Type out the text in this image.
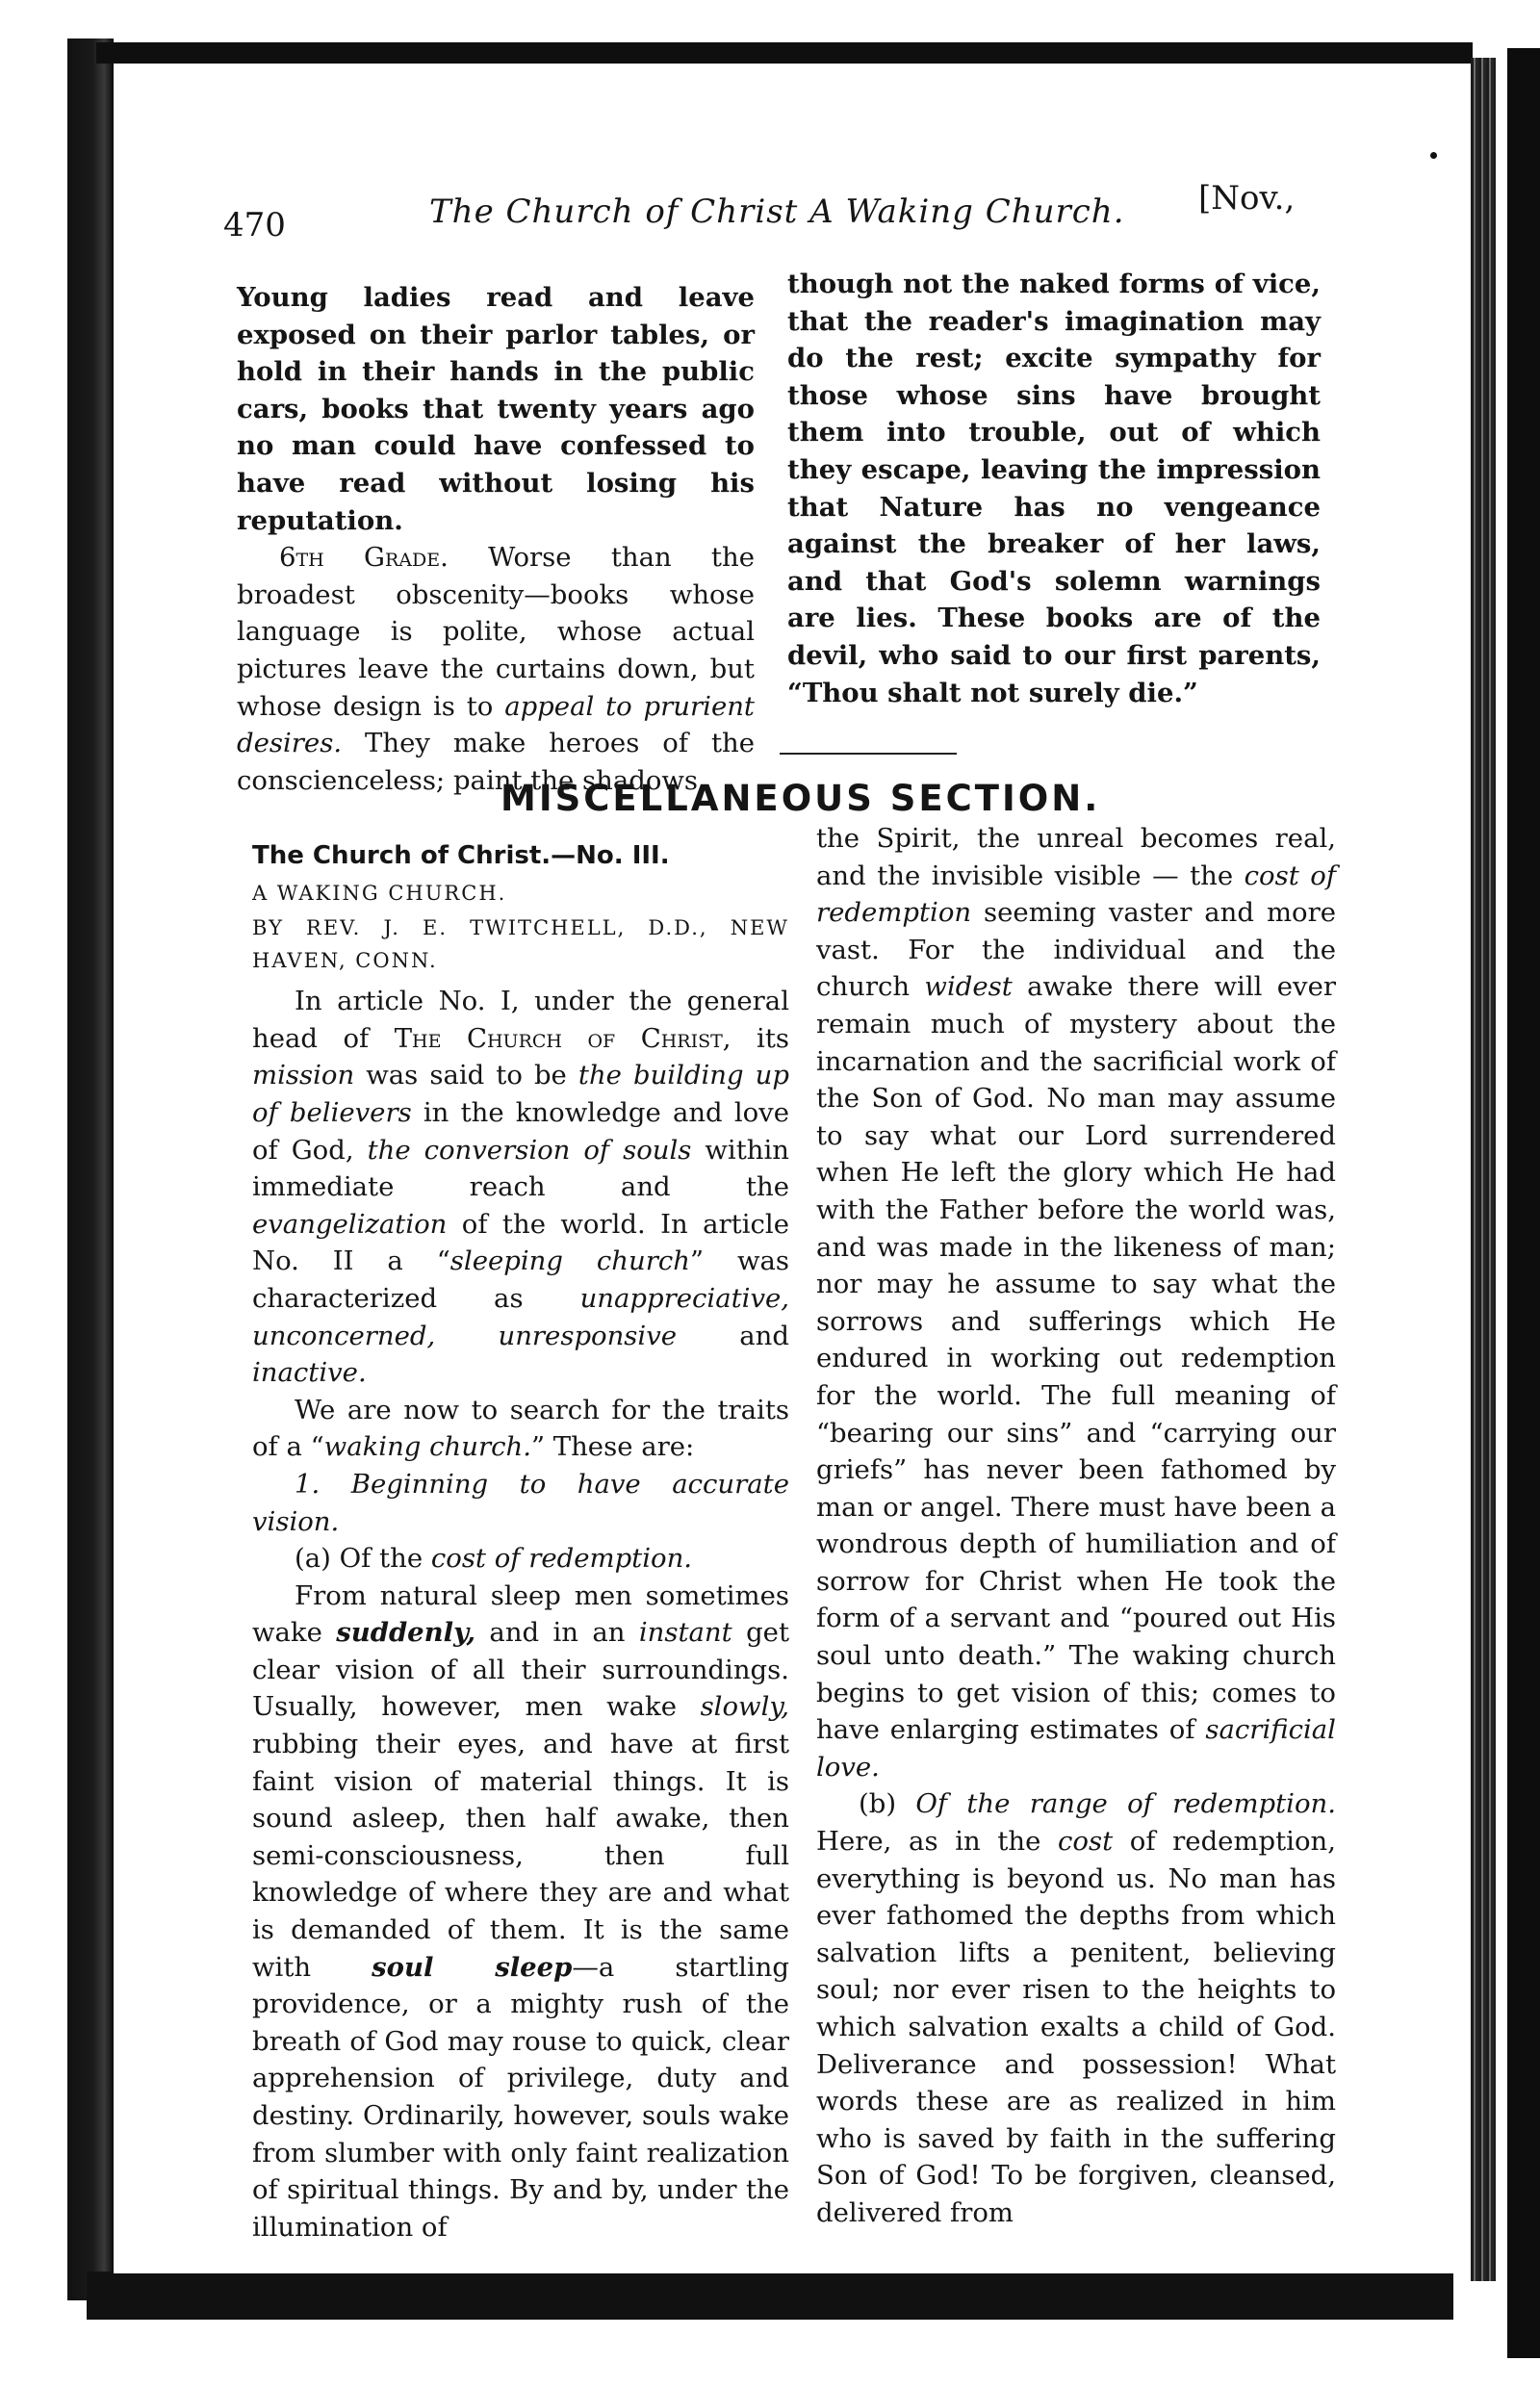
470	The Church of Christ A Waking Church. [Nov.,

Young ladies read and leave exposed on their parlor tables, or hold in their hands in the public cars, books that twenty years ago no man could have confessed to have read without losing his reputation.

6th Grade. Worse than the broadest obscenity—books whose language is polite, whose actual pictures leave the curtains down, but whose design is to appeal to prurient desires. They make heroes of the conscienceless; paint the shadows,

though not the naked forms of vice, that the reader's imagination may do the rest; excite sympathy for those whose sins have brought them into trouble, out of which they escape, leaving the impression that Nature has no vengeance against the breaker of her laws, and that God's solemn warnings are lies. These books are of the devil, who said to our first parents, “Thou shalt not surely die.”

MISCELLANEOUS SECTION.

The Church of Christ.—No. III.

A WAKING CHURCH.

BY REV. J. E. TWITCHELL, D.D., NEW HAVEN, CONN.

In article No. I, under the general head of The Church of Christ, its mission was said to be the building up of believers in the knowledge and love of God, the conversion of souls within immediate reach and the evangelization of the world. In article No. II a “sleeping church” was characterized as unappreciative, unconcerned, unresponsive and inactive.

We are now to search for the traits of a “waking church.” These are:

1. Beginning to have accurate vision.

(a) Of the cost of redemption.

From natural sleep men sometimes wake suddenly, and in an instant get clear vision of all their surroundings. Usually, however, men wake slowly, rubbing their eyes, and have at first faint vision of material things. It is sound asleep, then half awake, then semi-consciousness, then full knowledge of where they are and what is demanded of them. It is the same with soul sleep—a startling providence, or a mighty rush of the breath of God may rouse to quick, clear apprehension of privilege, duty and destiny. Ordinarily, however, souls wake from slumber with only faint realization of spiritual things. By and by, under the illumination of

the Spirit, the unreal becomes real, and the invisible visible — the cost of redemption seeming vaster and more vast. For the individual and the church widest awake there will ever remain much of mystery about the incarnation and the sacrificial work of the Son of God. No man may assume to say what our Lord surrendered when He left the glory which He had with the Father before the world was, and was made in the likeness of man; nor may he assume to say what the sorrows and sufferings which He endured in working out redemption for the world. The full meaning of “bearing our sins” and “carrying our griefs” has never been fathomed by man or angel. There must have been a wondrous depth of humiliation and of sorrow for Christ when He took the form of a servant and “poured out His soul unto death.” The waking church begins to get vision of this; comes to have enlarging estimates of sacrificial love.

(b) Of the range of redemption. Here, as in the cost of redemption, everything is beyond us. No man has ever fathomed the depths from which salvation lifts a penitent, believing soul; nor ever risen to the heights to which salvation exalts a child of God. Deliverance and possession! What words these are as realized in him who is saved by faith in the suffering Son of God! To be forgiven, cleansed, delivered from
